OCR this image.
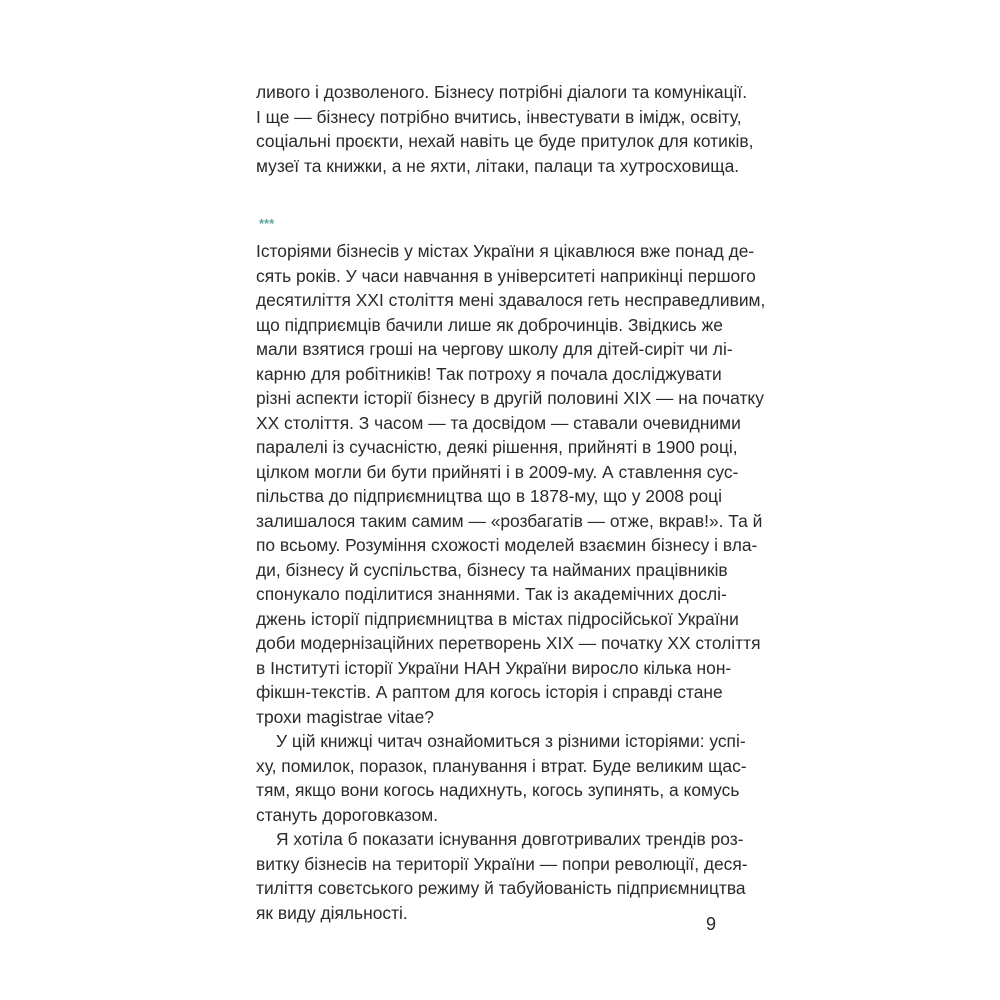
ливого і дозволеного. Бізнесу потрібні діалоги та комунікації.
І ще — бізнесу потрібно вчитись, інвестувати в імідж, освіту,
соціальні проєкти, нехай навіть це буде притулок для котиків,
музеї та книжки, а не яхти, літаки, палаци та хутросховища.
***
Історіями бізнесів у містах України я цікавлюся вже понад де-
сять років. У часи навчання в університеті наприкінці першого
десятиліття XXI століття мені здавалося геть несправедливим,
що підприємців бачили лише як доброчинців. Звідкись же
мали взятися гроші на чергову школу для дітей-сиріт чи лі-
карню для робітників! Так потроху я почала досліджувати
різні аспекти історії бізнесу в другій половині XIX — на початку
XX століття. З часом — та досвідом — ставали очевидними
паралелі із сучасністю, деякі рішення, прийняті в 1900 році,
цілком могли би бути прийняті і в 2009-му. А ставлення сус-
пільства до підприємництва що в 1878-му, що у 2008 році
залишалося таким самим — «розбагатів — отже, вкрав!». Та й
по всьому. Розуміння схожості моделей взаємин бізнесу і вла-
ди, бізнесу й суспільства, бізнесу та найманих працівників
спонукало поділитися знаннями. Так із академічних дослі-
джень історії підприємництва в містах підросійської України
доби модернізаційних перетворень XIX — початку XX століття
в Інституті історії України НАН України виросло кілька нон-
фікшн-текстів. А раптом для когось історія і справді стане
трохи magistrae vitae?
У цій книжці читач ознайомиться з різними історіями: успі-
ху, помилок, поразок, планування і втрат. Буде великим щас-
тям, якщо вони когось надихнуть, когось зупинять, а комусь
стануть дороговказом.
Я хотіла б показати існування довготривалих трендів роз-
витку бізнесів на території України — попри революції, деся-
тиліття совєтського режиму й табуйованість підприємництва
як виду діяльності.
9
